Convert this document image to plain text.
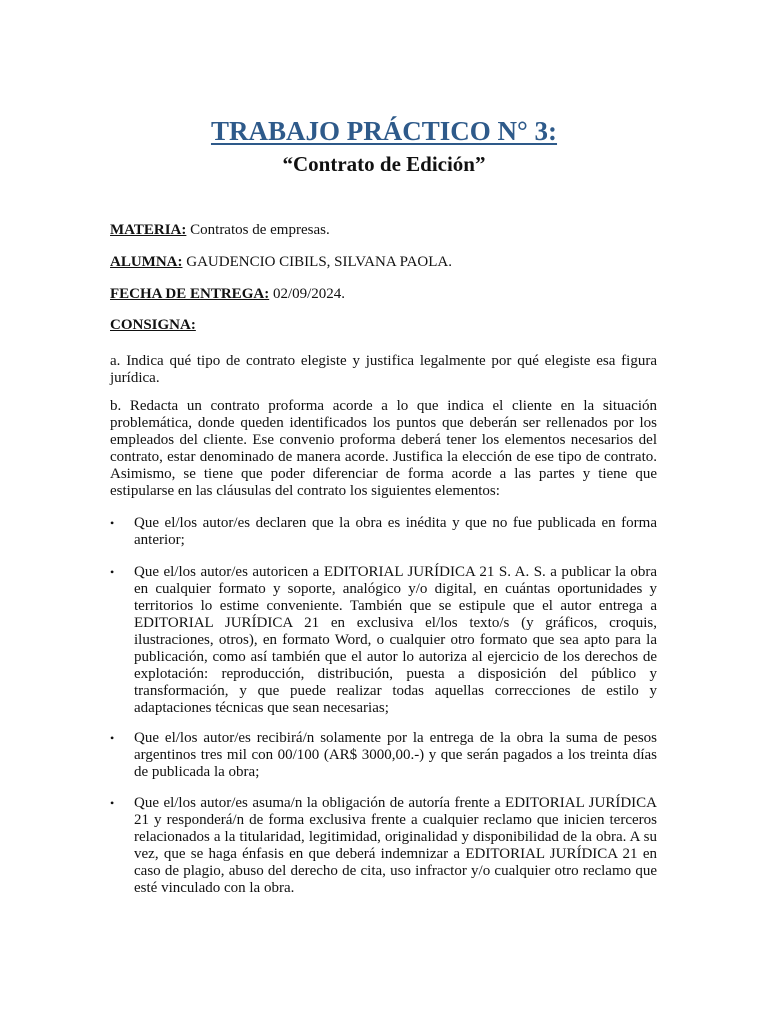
TRABAJO PRÁCTICO N° 3:
“Contrato de Edición”
MATERIA: Contratos de empresas.
ALUMNA: GAUDENCIO CIBILS, SILVANA PAOLA.
FECHA DE ENTREGA: 02/09/2024.
CONSIGNA:
a. Indica qué tipo de contrato elegiste y justifica legalmente por qué elegiste esa figura jurídica.
b. Redacta un contrato proforma acorde a lo que indica el cliente en la situación problemática, donde queden identificados los puntos que deberán ser rellenados por los empleados del cliente. Ese convenio proforma deberá tener los elementos necesarios del contrato, estar denominado de manera acorde. Justifica la elección de ese tipo de contrato. Asimismo, se tiene que poder diferenciar de forma acorde a las partes y tiene que estipularse en las cláusulas del contrato los siguientes elementos:
•	Que el/los autor/es declaren que la obra es inédita y que no fue publicada en forma anterior;
•	Que el/los autor/es autoricen a EDITORIAL JURÍDICA 21 S. A. S. a publicar la obra en cualquier formato y soporte, analógico y/o digital, en cuántas oportunidades y territorios lo estime conveniente. También que se estipule que el autor entrega a EDITORIAL JURÍDICA 21 en exclusiva el/los texto/s (y gráficos, croquis, ilustraciones, otros), en formato Word, o cualquier otro formato que sea apto para la publicación, como así también que el autor lo autoriza al ejercicio de los derechos de explotación: reproducción, distribución, puesta a disposición del público y transformación, y que puede realizar todas aquellas correcciones de estilo y adaptaciones técnicas que sean necesarias;
•	Que el/los autor/es recibirá/n solamente por la entrega de la obra la suma de pesos argentinos tres mil con 00/100 (AR$ 3000,00.-) y que serán pagados a los treinta días de publicada la obra;
•	Que el/los autor/es asuma/n la obligación de autoría frente a EDITORIAL JURÍDICA 21 y responderá/n de forma exclusiva frente a cualquier reclamo que inicien terceros relacionados a la titularidad, legitimidad, originalidad y disponibilidad de la obra. A su vez, que se haga énfasis en que deberá indemnizar a EDITORIAL JURÍDICA 21 en caso de plagio, abuso del derecho de cita, uso infractor y/o cualquier otro reclamo que esté vinculado con la obra.
